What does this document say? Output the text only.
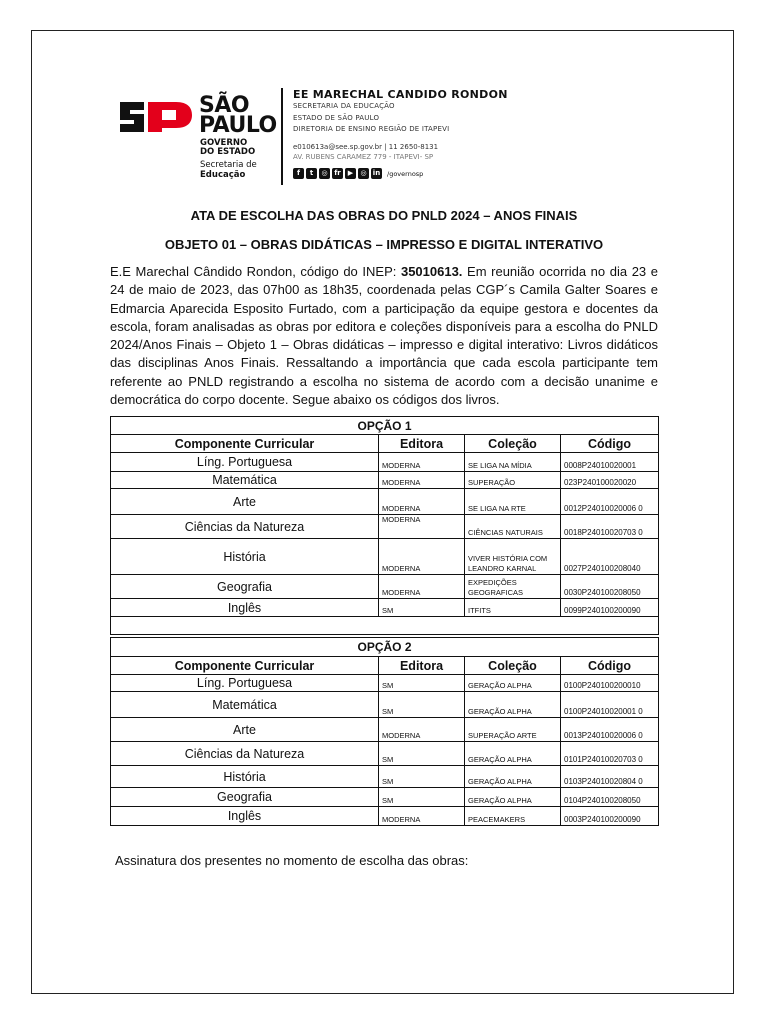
SÃO
PAULO
GOVERNO
DO ESTADO
Secretaria de
Educação
EE MARECHAL CANDIDO RONDON
SECRETARIA DA EDUCAÇÃO
ESTADO DE SÃO PAULO
DIRETORIA DE ENSINO REGIÃO DE ITAPEVI
e010613a@see.sp.gov.br | 11 2650-8131
AV. RUBENS CARAMEZ 779 - ITAPEVI- SP
f	t	◎ fr	▶	◎ in /governosp
ATA DE ESCOLHA DAS OBRAS DO PNLD 2024 – ANOS FINAIS
OBJETO 01 – OBRAS DIDÁTICAS – IMPRESSO E DIGITAL INTERATIVO
E.E Marechal Cândido Rondon, código do INEP: 35010613. Em reunião ocorrida no dia 23 e 24 de maio de 2023, das 07h00 as 18h35, coordenada pelas CGP´s Camila Galter Soares e Edmarcia Aparecida Esposito Furtado, com a participação da equipe gestora e docentes da escola, foram analisadas as obras por editora e coleções disponíveis para a escolha do PNLD 2024/Anos Finais – Objeto 1 – Obras didáticas – impresso e digital interativo: Livros didáticos das disciplinas Anos Finais. Ressaltando a importância que cada escola participante tem referente ao PNLD registrando a escolha no sistema de acordo com a decisão unanime e democrática do corpo docente. Segue abaixo os códigos dos livros.
OPÇÃO 1			
Componente Curricular	Editora	Coleção	Código
Líng. Portuguesa	MODERNA	SE LIGA NA MÍDIA	0008P24010020001
Matemática	MODERNA	SUPERAÇÃO	023P240100020020
Arte	MODERNA	SE LIGA NA RTE	0012P24010020006 0
Ciências da Natureza	MODERNA	CIÊNCIAS NATURAIS	0018P24010020703 0
História	MODERNA	VIVER HISTÓRIA COM LEANDRO KARNAL	0027P240100208040
Geografia	MODERNA	EXPEDIÇÕES GEOGRAFICAS	0030P240100208050
Inglês	SM	ITFITS	0099P240100200090

OPÇÃO 2			
Componente Curricular	Editora	Coleção	Código
Líng. Portuguesa	SM	GERAÇÃO ALPHA	0100P240100200010
Matemática	SM	GERAÇÃO ALPHA	0100P24010020001 0
Arte	MODERNA	SUPERAÇÃO ARTE	0013P24010020006 0
Ciências da Natureza	SM	GERAÇÃO ALPHA	0101P24010020703 0
História	SM	GERAÇÃO ALPHA	0103P24010020804 0
Geografia	SM	GERAÇÃO ALPHA	0104P240100208050
Inglês	MODERNA	PEACEMAKERS	0003P240100200090
Assinatura dos presentes no momento de escolha das obras:
